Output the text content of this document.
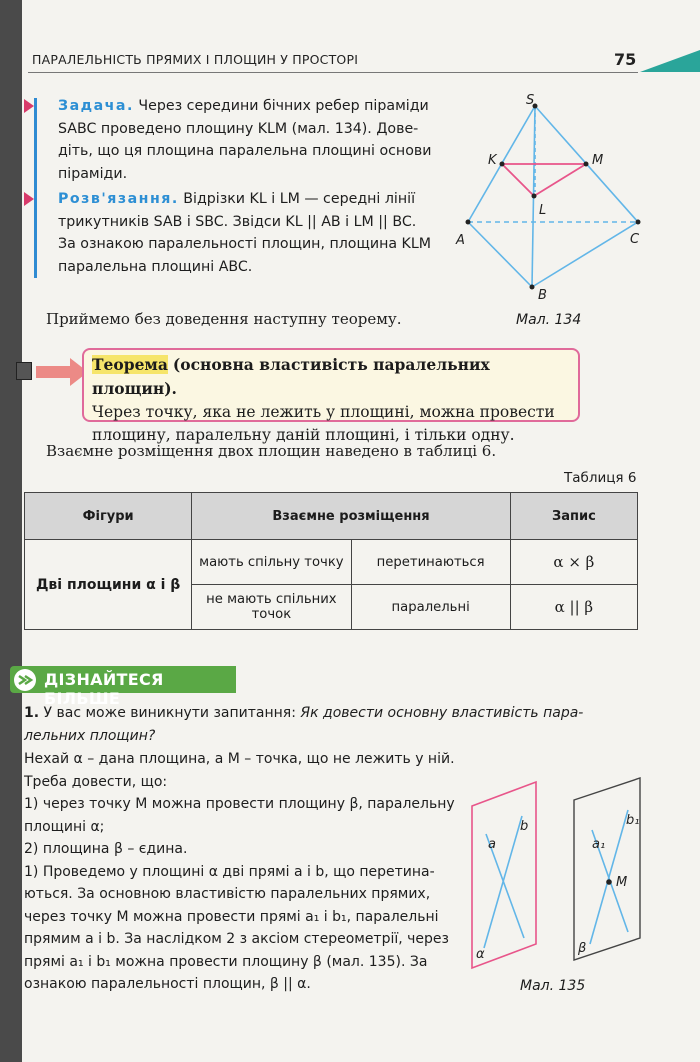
ПАРАЛЕЛЬНІСТЬ ПРЯМИХ І ПЛОЩИН У ПРОСТОРІ	75
Задача. Через середини бічних ребер піраміди
SABC проведено площину KLM (мал. 134). Дове-
діть, що ця площина паралельна площині основи
піраміди.
Розв'язання. Відрізки KL і LM — середні лінії
трикутників SAB і SBC. Звідси KL || AB і LM || BC.
За ознакою паралельності площин, площина KLM
паралельна площині ABC.
Приймемо без доведення наступну теорему.
S
K	M
L
A	C
B
Мал. 134
Теорема (основна властивість паралельних площин).
Через точку, яка не лежить у площині, можна провести
площину, паралельну даній площині, і тільки одну.
Взаємне розміщення двох площин наведено в таблиці 6.
Таблиця 6
Фігури	Взаємне розміщення		Запис
Дві площини α і β	мають спільну точку	перетинаються	α × β
	не мають спільних точок	паралельні	α || β
ДІЗНАЙТЕСЯ БІЛЬШЕ
1. У вас може виникнути запитання: Як довести основну властивість пара-
лельних площин?
Нехай α – дана площина, а M – точка, що не лежить у ній.
Треба довести, що:
1) через точку M можна провести площину β, паралельну
площині α;
2) площина β – єдина.
1) Проведемо у площині α дві прямі a і b, що перетина-
ються. За основною властивістю паралельних прямих,
через точку M можна провести прямі a₁ і b₁, паралельні
прямим a і b. За наслідком 2 з аксіом стереометрії, через
прямі a₁ і b₁ можна провести площину β (мал. 135). За
ознакою паралельності площин, β || α.
b
a
α
b₁
a₁
M
β
Мал. 135
